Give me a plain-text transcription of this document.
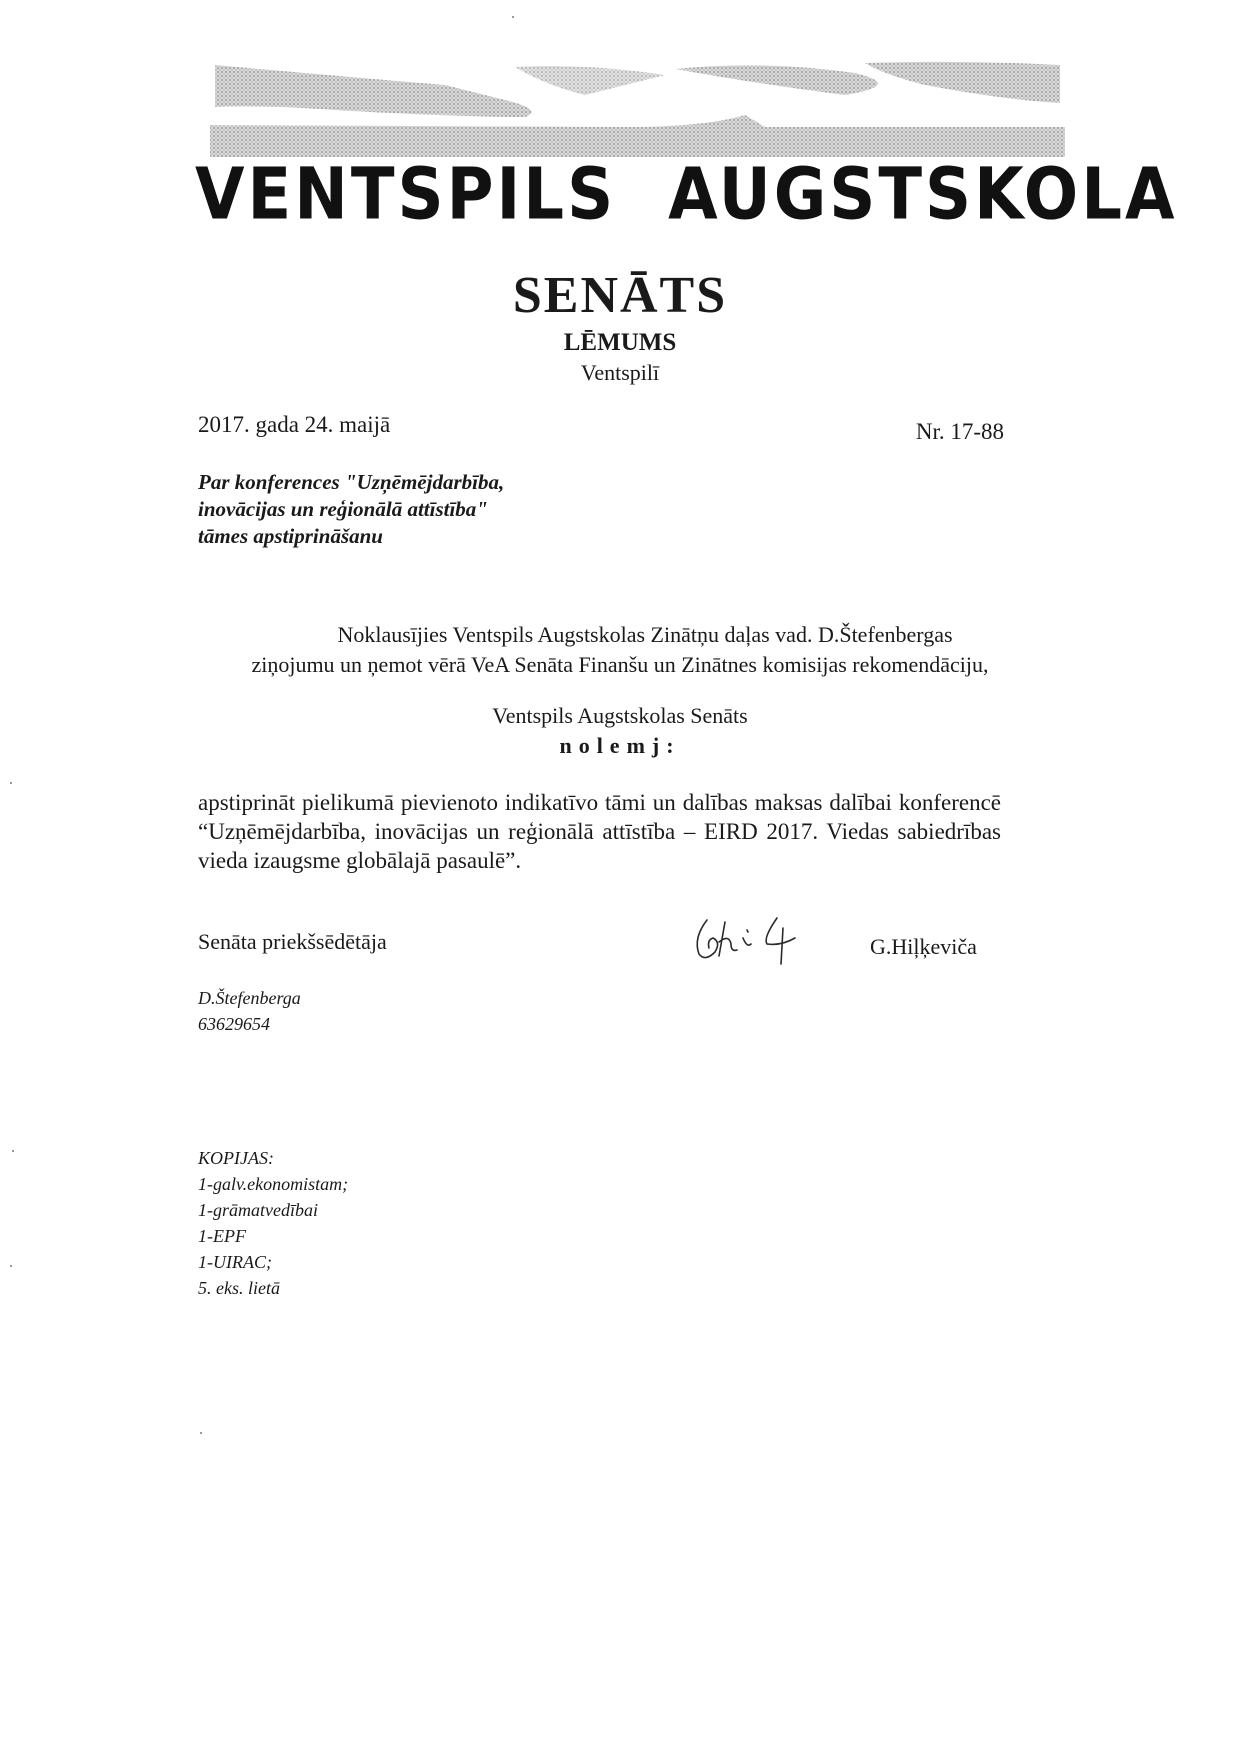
VENTSPILS AUGSTSKOLA
SENĀTS
LĒMUMS
Ventspilī
2017. gada 24. maijā	Nr. 17-88
Par konferences "Uzņēmējdarbība,
inovācijas un reģionālā attīstība"
tāmes apstiprināšanu
Noklausījies Ventspils Augstskolas Zinātņu daļas vad. D.Štefenbergas
ziņojumu un ņemot vērā VeA Senāta Finanšu un Zinātnes komisijas rekomendāciju,
Ventspils Augstskolas Senāts
nolemj:
apstiprināt pielikumā pievienoto indikatīvo tāmi un dalības maksas dalībai konferencē “Uzņēmējdarbība, inovācijas un reģionālā attīstība – EIRD 2017. Viedas sabiedrības vieda izaugsme globālajā pasaulē”.
Senāta priekšsēdētāja	G.Hiļķeviča
D.Štefenberga
63629654
KOPIJAS:
1-galv.ekonomistam;
1-grāmatvedībai
1-EPF
1-UIRAC;
5. eks. lietā
